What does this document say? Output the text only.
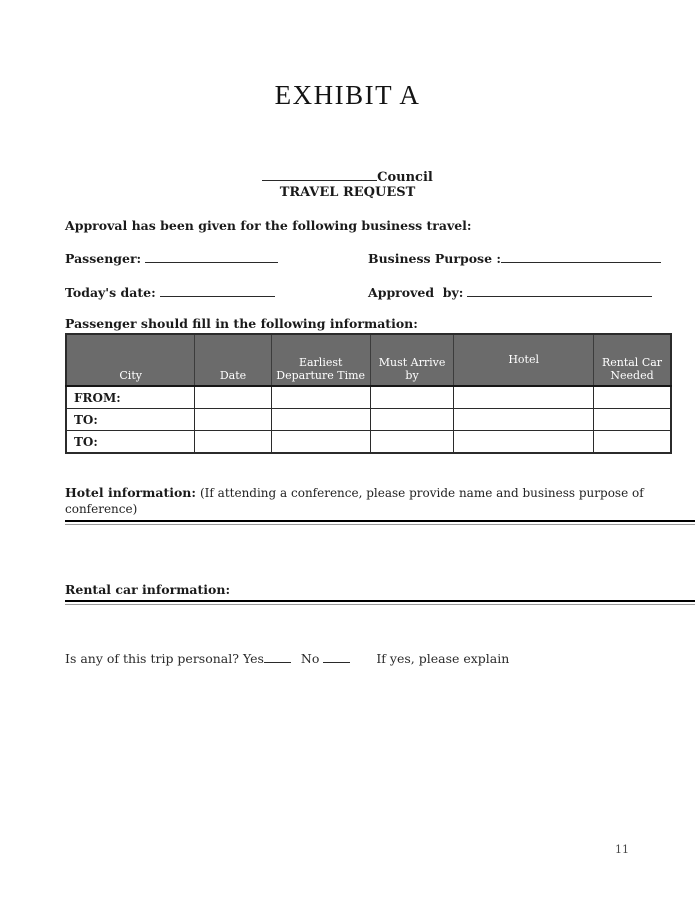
EXHIBIT A
Council
TRAVEL REQUEST

Approval has been given for the following business travel:

Passenger:	Business Purpose :
Today's date:	Approved  by:

Passenger should fill in the following information:

City	Date	Earliest Departure Time	Must Arrive by	Hotel	Rental Car Needed
FROM:					
TO:					
TO:					
Hotel information: (If attending a conference, please provide name and business purpose of conference)
Rental car information:

Is any of this trip personal? Yes	No	If yes, please explain

11
